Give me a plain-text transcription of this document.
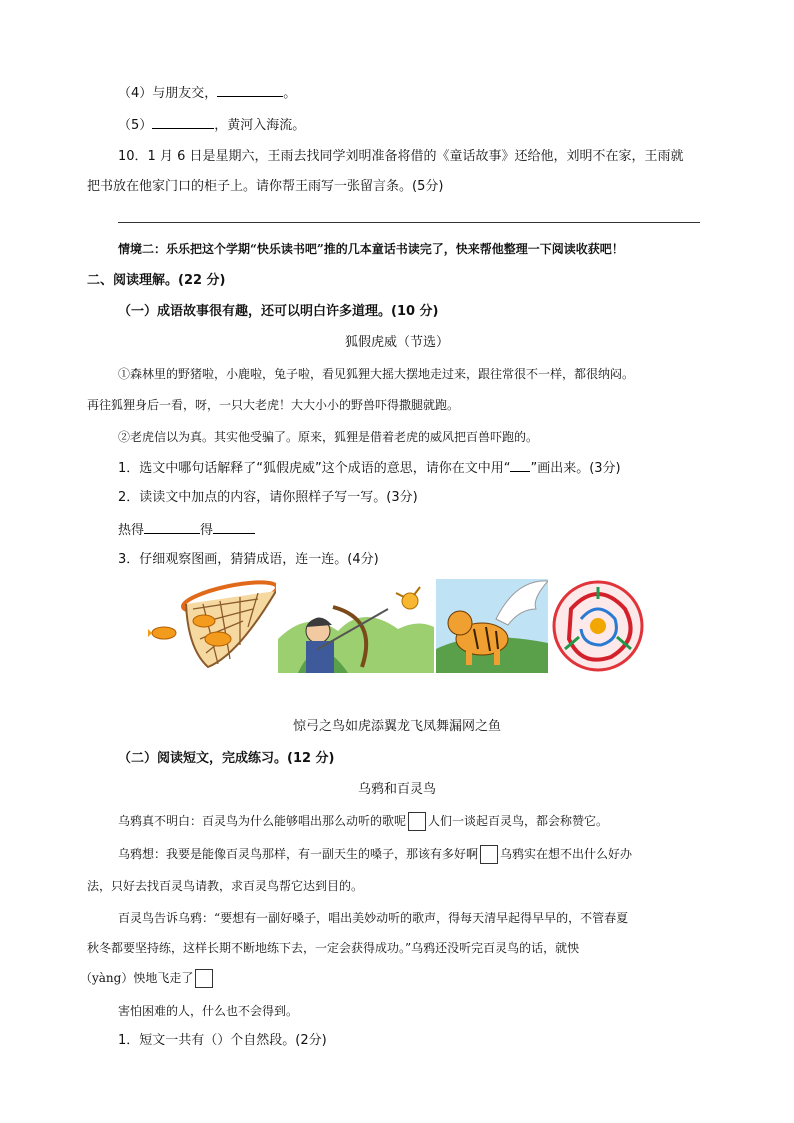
（4）与朋友交，	。
（5）	，黄河入海流。
10．1 月 6 日是星期六，王雨去找同学刘明准备将借的《童话故事》还给他，刘明不在家，王雨就
把书放在他家门口的柜子上。请你帮王雨写一张留言条。(5分)
情境二：乐乐把这个学期“快乐读书吧”推的几本童话书读完了，快来帮他整理一下阅读收获吧！
二、阅读理解。(22 分)
（一）成语故事很有趣，还可以明白许多道理。(10 分)
狐假虎威（节选）
①森林里的野猪啦，小鹿啦，兔子啦，看见狐狸大摇大摆地走过来，跟往常很不一样，都很纳闷。
再往狐狸身后一看，呀，一只大老虎！大大小小的野兽吓得撒腿就跑。
②老虎信以为真。其实他受骗了。原来，狐狸是借着老虎的威风把百兽吓跑的。
1．选文中哪句话解释了“狐假虎威”这个成语的意思，请你在文中用“ ”画出来。(3分)
2．读读文中加点的内容，请你照样子写一写。(3分)
热得	得
3．仔细观察图画，猜猜成语，连一连。(4分)
惊弓之鸟如虎添翼龙飞凤舞漏网之鱼
（二）阅读短文，完成练习。(12 分)
乌鸦和百灵鸟
乌鸦真不明白：百灵鸟为什么能够唱出那么动听的歌呢 人们一谈起百灵鸟，都会称赞它。
乌鸦想：我要是能像百灵鸟那样，有一副天生的嗓子，那该有多好啊 乌鸦实在想不出什么好办
法，只好去找百灵鸟请教，求百灵鸟帮它达到目的。
百灵鸟告诉乌鸦：“要想有一副好嗓子，唱出美妙动听的歌声，得每天清早起得早早的，不管春夏
秋冬都要坚持练，这样长期不断地练下去，一定会获得成功。”乌鸦还没听完百灵鸟的话，就怏
（yàng）怏地飞走了
害怕困难的人，什么也不会得到。
1．短文一共有（）个自然段。(2分)
